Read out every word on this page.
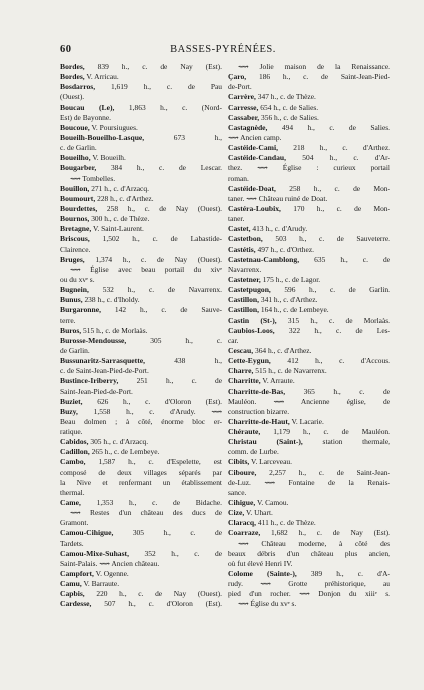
60	BASSES-PYRÉNÉES.
Bordes, 839 h., c. de Nay (Est).
Bordes, V. Arricau.
Bosdarros, 1,619 h., c. de Pau
(Ouest).
Boucau (Le), 1,863 h., c. (Nord-
Est) de Bayonne.
Boucoue, V. Poursiugues.
Boueilh-Boueilho-Lasque, 673 h.,
c. de Garlin.
Boueilho, V. Boueilh.
Bougarber, 384 h., c. de Lescar.
⟿ Tombelles.
Bouillon, 271 h., c. d'Arzacq.
Boumourt, 228 h., c. d'Arthez.
Bourdettes, 258 h., c. de Nay (Ouest).
Bournos, 300 h., c. de Thèze.
Bretagne, V. Saint-Laurent.
Briscous, 1,502 h., c. de Labastide-
Clairence.
Bruges, 1,374 h., c. de Nay (Ouest).
⟿ Église avec beau portail du xivᵉ
ou du xvᵉ s.
Bugnein, 532 h., c. de Navarrenx.
Bunus, 238 h., c. d'Iholdy.
Burgaronne, 142 h., c. de Sauve-
terre.
Buros, 515 h., c. de Morlaàs.
Burosse-Mendousse, 305 h., c.
de Garlin.
Bussunaritz-Sarrasquette, 438 h.,
c. de Saint-Jean-Pied-de-Port.
Bustince-Iriberry, 251 h., c. de
Saint-Jean-Pied-de-Port.
Buziet, 626 h., c. d'Oloron (Est).
Buzy, 1,558 h., c. d'Arudy. ⟿
Beau dolmen ; à côté, énorme bloc er-
ratique.
Cabidos, 305 h., c. d'Arzacq.
Cadillon, 265 h., c. de Lembeye.
Cambo, 1,587 h., c. d'Espelette, est
composé de deux villages séparés par
la Nive et renfermant un établissement
thermal.
Came, 1,353 h., c. de Bidache.
⟿ Restes d'un château des ducs de
Gramont.
Camou-Cihigue, 305 h., c. de
Tardets.
Camou-Mixe-Suhast, 352 h., c. de
Saint-Palais. ⟿ Ancien château.
Campfort, V. Ogenne.
Camu, V. Barraute.
Capbis, 220 h., c. de Nay (Ouest).
Cardesse, 507 h., c. d'Oloron (Est).
⟿ Jolie maison de la Renaissance.
Çaro, 186 h., c. de Saint-Jean-Pied-
de-Port.
Carrère, 347 h., c. de Thèze.
Carresse, 654 h., c. de Salies.
Cassaber, 356 h., c. de Salies.
Castagnède, 494 h., c. de Salies.
⟿ Ancien camp.
Castéide-Cami, 218 h., c. d'Arthez.
Castéide-Candau, 504 h., c. d'Ar-
thez. ⟿ Église : curieux portail
roman.
Castéide-Doat, 258 h., c. de Mon-
taner. ⟿ Château ruiné de Doat.
Castéra-Loubix, 170 h., c. de Mon-
taner.
Castet, 413 h., c. d'Arudy.
Castetbon, 503 h., c. de Sauveterre.
Castétis, 497 h., c. d'Orthez.
Castetnau-Camblong, 635 h., c. de
Navarrenx.
Castetner, 175 h., c. de Lagor.
Castetpugon, 596 h., c. de Garlin.
Castillon, 341 h., c. d'Arthez.
Castillon, 164 h., c. de Lembeye.
Castin (St-), 315 h., c. de Morlaàs.
Caubios-Loos, 322 h., c. de Les-
car.
Cescau, 364 h., c. d'Arthez.
Cette-Eygun, 412 h., c. d'Accous.
Charre, 515 h., c. de Navarrenx.
Charritte, V. Arraute.
Charritte-de-Bas, 365 h., c. de
Mauléon. ⟿ Ancienne église, de
construction bizarre.
Charritte-de-Haut, V. Lacarie.
Chéraute, 1,179 h., c. de Mauléon.
Christau (Saint-), station thermale,
comm. de Lurbe.
Cibits, V. Larceveau.
Ciboure, 2,257 h., c. de Saint-Jean-
de-Luz. ⟿ Fontaine de la Renais-
sance.
Cihigue, V. Camou.
Cize, V. Uhart.
Claracq, 411 h., c. de Thèze.
Coarraze, 1,682 h., c. de Nay (Est).
⟿ Château moderne, à côté des
beaux débris d'un château plus ancien,
où fut élevé Henri IV.
Colome (Sainte-), 389 h., c. d'A-
rudy. ⟿ Grotte préhistorique, au
pied d'un rocher. ⟿ Donjon du xiiiᵉ s.
⟿ Église du xvᵉ s.
